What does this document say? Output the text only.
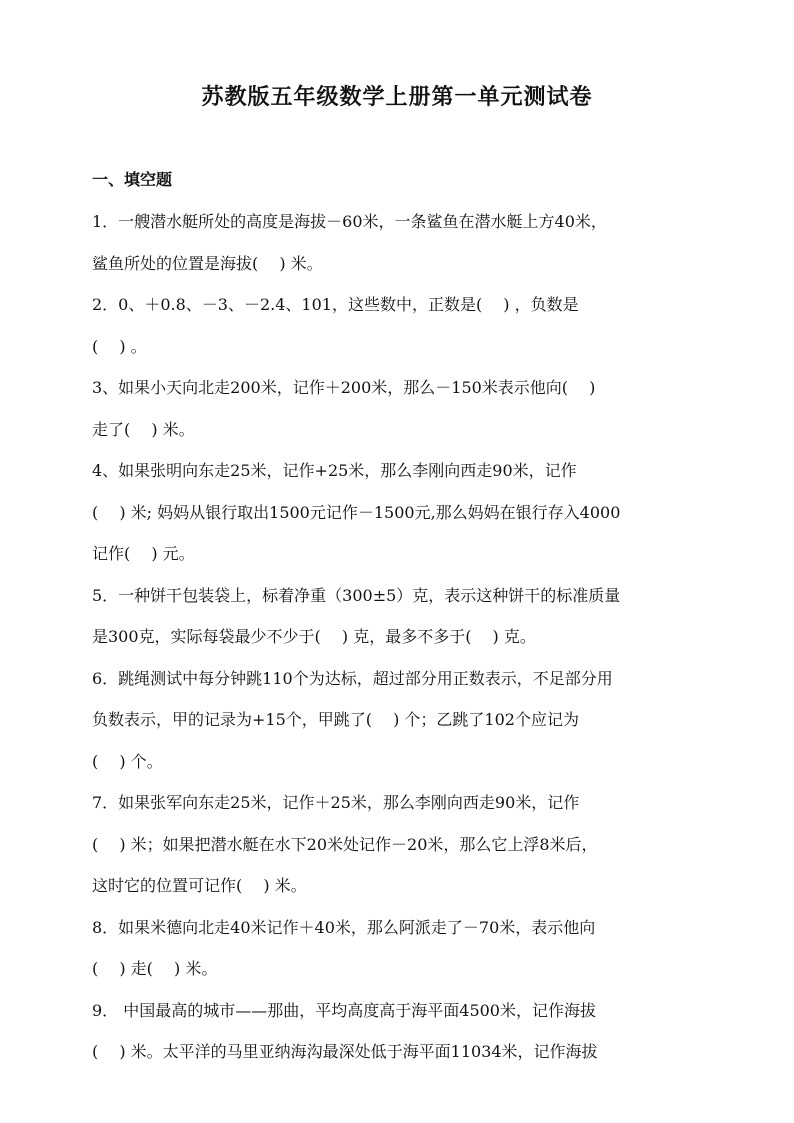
苏教版五年级数学上册第一单元测试卷
一、填空题

1．一艘潜水艇所处的高度是海拔－60米，一条鲨鱼在潜水艇上方40米，

鲨鱼所处的位置是海拔(　 ) 米。

2．0、＋0.8、－3、－2.4、101，这些数中，正数是(　 ) ，负数是

(　 ) 。

3、如果小天向北走200米，记作＋200米，那么－150米表示他向(　 )

走了(　 ) 米。

4、如果张明向东走25米，记作+25米，那么李刚向西走90米，记作

(　 ) 米; 妈妈从银行取出1500元记作－1500元,那么妈妈在银行存入4000

记作(　 ) 元。

5．一种饼干包装袋上，标着净重（300±5）克，表示这种饼干的标准质量

是300克，实际每袋最少不少于(　 ) 克，最多不多于(　 ) 克。

6．跳绳测试中每分钟跳110个为达标，超过部分用正数表示，不足部分用

负数表示，甲的记录为+15个，甲跳了(　 ) 个；乙跳了102个应记为

(　 ) 个。

7．如果张军向东走25米，记作＋25米，那么李刚向西走90米，记作

(　 ) 米；如果把潜水艇在水下20米处记作－20米，那么它上浮8米后，

这时它的位置可记作(　 ) 米。

8．如果米德向北走40米记作＋40米，那么阿派走了－70米，表示他向

(　 ) 走(　 ) 米。

9． 中国最高的城市——那曲，平均高度高于海平面4500米，记作海拔

(　 ) 米。太平洋的马里亚纳海沟最深处低于海平面11034米，记作海拔
